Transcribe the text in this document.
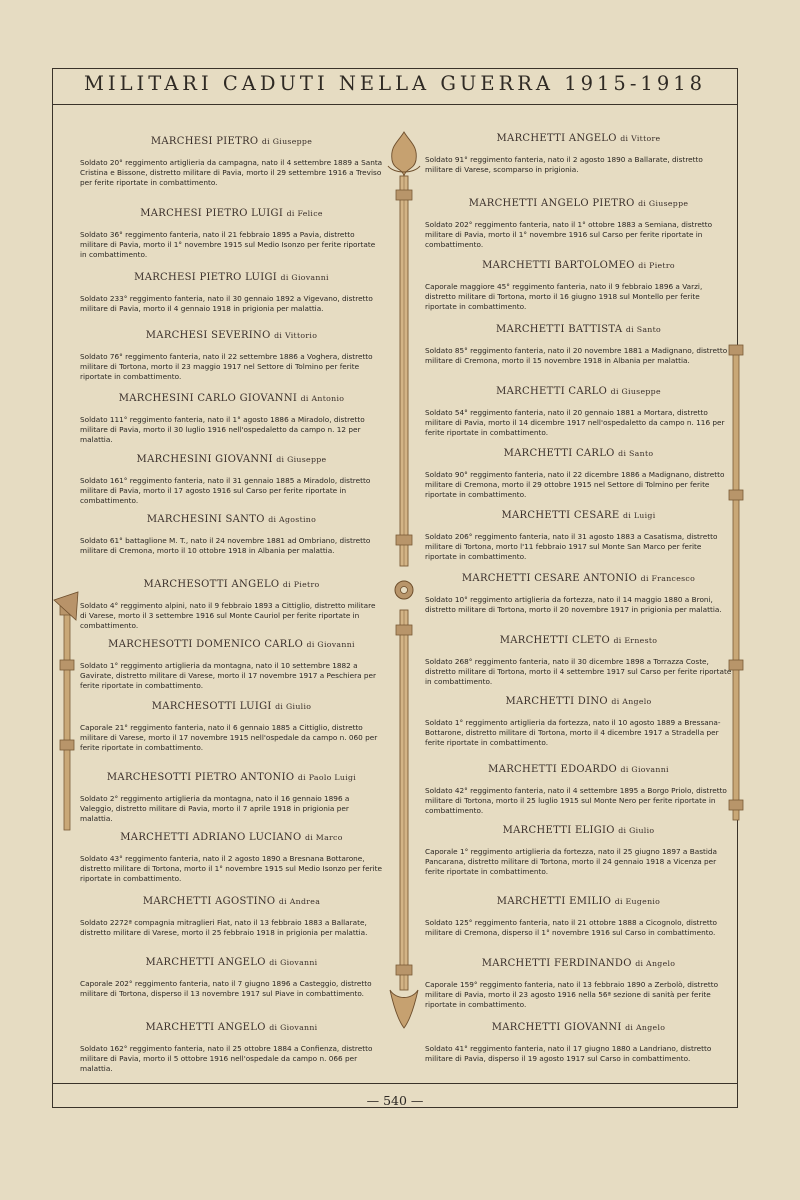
MILITARI CADUTI NELLA GUERRA 1915-1918
MARCHESI PIETRO di Giuseppe
Soldato 20° reggimento artiglieria da campagna, nato il 4 settembre 1889 a Santa Cristina e Bissone, distretto militare di Pavia, morto il 29 settembre 1916 a Treviso per ferite riportate in combattimento.
MARCHESI PIETRO LUIGI di Felice
Soldato 36° reggimento fanteria, nato il 21 febbraio 1895 a Pavia, distretto militare di Pavia, morto il 1° novembre 1915 sul Medio Isonzo per ferite riportate in combattimento.
MARCHESI PIETRO LUIGI di Giovanni
Soldato 233° reggimento fanteria, nato il 30 gennaio 1892 a Vigevano, distretto militare di Pavia, morto il 4 gennaio 1918 in prigionia per malattia.
MARCHESI SEVERINO di Vittorio
Soldato 76° reggimento fanteria, nato il 22 settembre 1886 a Voghera, distretto militare di Tortona, morto il 23 maggio 1917 nel Settore di Tolmino per ferite riportate in combattimento.
MARCHESINI CARLO GIOVANNI di Antonio
Soldato 111° reggimento fanteria, nato il 1° agosto 1886 a Miradolo, distretto militare di Pavia, morto il 30 luglio 1916 nell'ospedaletto da campo n. 12 per malattia.
MARCHESINI GIOVANNI di Giuseppe
Soldato 161° reggimento fanteria, nato il 31 gennaio 1885 a Miradolo, distretto militare di Pavia, morto il 17 agosto 1916 sul Carso per ferite riportate in combattimento.
MARCHESINI SANTO di Agostino
Soldato 61° battaglione M. T., nato il 24 novembre 1881 ad Ombriano, distretto militare di Cremona, morto il 10 ottobre 1918 in Albania per malattia.
MARCHESOTTI ANGELO di Pietro
Soldato 4° reggimento alpini, nato il 9 febbraio 1893 a Cittiglio, distretto militare di Varese, morto il 3 settembre 1916 sul Monte Cauriol per ferite riportate in combattimento.
MARCHESOTTI DOMENICO CARLO di Giovanni
Soldato 1° reggimento artiglieria da montagna, nato il 10 settembre 1882 a Gavirate, distretto militare di Varese, morto il 17 novembre 1917 a Peschiera per ferite riportate in combattimento.
MARCHESOTTI LUIGI di Giulio
Caporale 21° reggimento fanteria, nato il 6 gennaio 1885 a Cittiglio, distretto militare di Varese, morto il 17 novembre 1915 nell'ospedale da campo n. 060 per ferite riportate in combattimento.
MARCHESOTTI PIETRO ANTONIO di Paolo Luigi
Soldato 2° reggimento artiglieria da montagna, nato il 16 gennaio 1896 a Valeggio, distretto militare di Pavia, morto il 7 aprile 1918 in prigionia per malattia.
MARCHETTI ADRIANO LUCIANO di Marco
Soldato 43° reggimento fanteria, nato il 2 agosto 1890 a Bresnana Bottarone, distretto militare di Tortona, morto il 1° novembre 1915 sul Medio Isonzo per ferite riportate in combattimento.
MARCHETTI AGOSTINO di Andrea
Soldato 2272ª compagnia mitraglieri Fiat, nato il 13 febbraio 1883 a Ballarate, distretto militare di Varese, morto il 25 febbraio 1918 in prigionia per malattia.
MARCHETTI ANGELO di Giovanni
Caporale 202° reggimento fanteria, nato il 7 giugno 1896 a Casteggio, distretto militare di Tortona, disperso il 13 novembre 1917 sul Piave in combattimento.
MARCHETTI ANGELO di Giovanni
Soldato 162° reggimento fanteria, nato il 25 ottobre 1884 a Confienza, distretto militare di Pavia, morto il 5 ottobre 1916 nell'ospedale da campo n. 066 per malattia.
MARCHETTI ANGELO di Vittore
Soldato 91° reggimento fanteria, nato il 2 agosto 1890 a Ballarate, distretto militare di Varese, scomparso in prigionia.
MARCHETTI ANGELO PIETRO di Giuseppe
Soldato 202° reggimento fanteria, nato il 1° ottobre 1883 a Semiana, distretto militare di Pavia, morto il 1° novembre 1916 sul Carso per ferite riportate in combattimento.
MARCHETTI BARTOLOMEO di Pietro
Caporale maggiore 45° reggimento fanteria, nato il 9 febbraio 1896 a Varzi, distretto militare di Tortona, morto il 16 giugno 1918 sul Montello per ferite riportate in combattimento.
MARCHETTI BATTISTA di Santo
Soldato 85° reggimento fanteria, nato il 20 novembre 1881 a Madignano, distretto militare di Cremona, morto il 15 novembre 1918 in Albania per malattia.
MARCHETTI CARLO di Giuseppe
Soldato 54° reggimento fanteria, nato il 20 gennaio 1881 a Mortara, distretto militare di Pavia, morto il 14 dicembre 1917 nell'ospedaletto da campo n. 116 per ferite riportate in combattimento.
MARCHETTI CARLO di Santo
Soldato 90° reggimento fanteria, nato il 22 dicembre 1886 a Madignano, distretto militare di Cremona, morto il 29 ottobre 1915 nel Settore di Tolmino per ferite riportate in combattimento.
MARCHETTI CESARE di Luigi
Soldato 206° reggimento fanteria, nato il 31 agosto 1883 a Casatisma, distretto militare di Tortona, morto l'11 febbraio 1917 sul Monte San Marco per ferite riportate in combattimento.
MARCHETTI CESARE ANTONIO di Francesco
Soldato 10° reggimento artiglieria da fortezza, nato il 14 maggio 1880 a Broni, distretto militare di Tortona, morto il 20 novembre 1917 in prigionia per malattia.
MARCHETTI CLETO di Ernesto
Soldato 268° reggimento fanteria, nato il 30 dicembre 1898 a Torrazza Coste, distretto militare di Tortona, morto il 4 settembre 1917 sul Carso per ferite riportate in combattimento.
MARCHETTI DINO di Angelo
Soldato 1° reggimento artiglieria da fortezza, nato il 10 agosto 1889 a Bressana-Bottarone, distretto militare di Tortona, morto il 4 dicembre 1917 a Stradella per ferite riportate in combattimento.
MARCHETTI EDOARDO di Giovanni
Soldato 42° reggimento fanteria, nato il 4 settembre 1895 a Borgo Priolo, distretto militare di Tortona, morto il 25 luglio 1915 sul Monte Nero per ferite riportate in combattimento.
MARCHETTI ELIGIO di Giulio
Caporale 1° reggimento artiglieria da fortezza, nato il 25 giugno 1897 a Bastida Pancarana, distretto militare di Tortona, morto il 24 gennaio 1918 a Vicenza per ferite riportate in combattimento.
MARCHETTI EMILIO di Eugenio
Soldato 125° reggimento fanteria, nato il 21 ottobre 1888 a Cicognolo, distretto militare di Cremona, disperso il 1° novembre 1916 sul Carso in combattimento.
MARCHETTI FERDINANDO di Angelo
Caporale 159° reggimento fanteria, nato il 13 febbraio 1890 a Zerbolò, distretto militare di Pavia, morto il 23 agosto 1916 nella 56ª sezione di sanità per ferite riportate in combattimento.
MARCHETTI GIOVANNI di Angelo
Soldato 41° reggimento fanteria, nato il 17 giugno 1880 a Landriano, distretto militare di Pavia, disperso il 19 agosto 1917 sul Carso in combattimento.
— 540 —
